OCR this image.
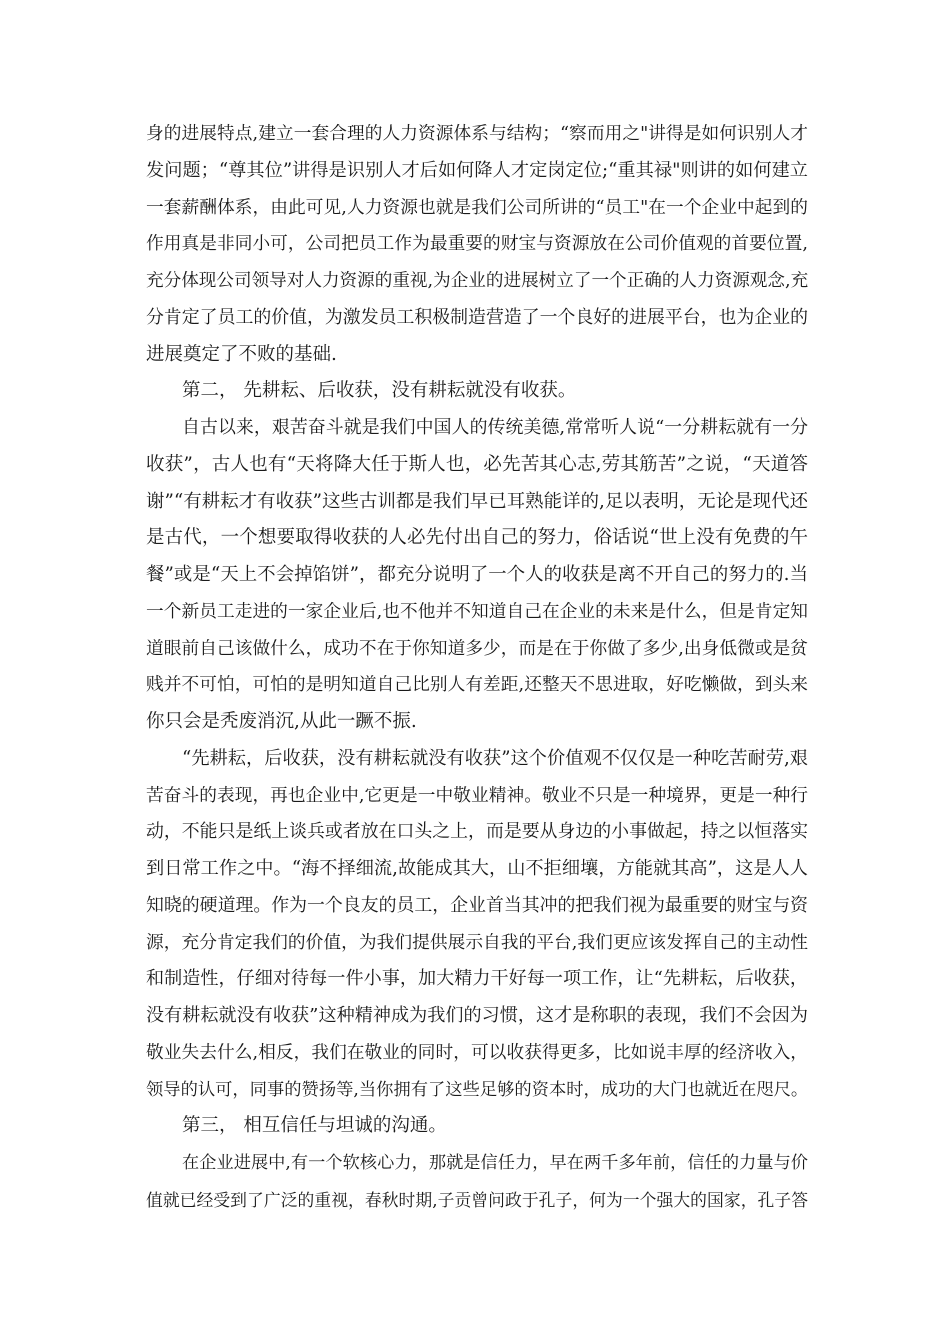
身的进展特点,建立一套合理的人力资源体系与结构；“察而用之"讲得是如何识别人才
发问题；“尊其位”讲得是识别人才后如何降人才定岗定位;“重其禄"则讲的如何建立
一套薪酬体系，由此可见,人力资源也就是我们公司所讲的“员工"在一个企业中起到的
作用真是非同小可，公司把员工作为最重要的财宝与资源放在公司价值观的首要位置,
充分体现公司领导对人力资源的重视,为企业的进展树立了一个正确的人力资源观念,充
分肯定了员工的价值，为激发员工积极制造营造了一个良好的进展平台，也为企业的
进展奠定了不败的基础.
第二， 先耕耘、后收获，没有耕耘就没有收获。
自古以来，艰苦奋斗就是我们中国人的传统美德,常常听人说“一分耕耘就有一分
收获”，古人也有“天将降大任于斯人也，必先苦其心志,劳其筋苦”之说，“天道答
谢”“有耕耘才有收获”这些古训都是我们早已耳熟能详的,足以表明，无论是现代还
是古代，一个想要取得收获的人必先付出自己的努力，俗话说“世上没有免费的午
餐”或是“天上不会掉馅饼”，都充分说明了一个人的收获是离不开自己的努力的.当
一个新员工走进的一家企业后,也不他并不知道自己在企业的未来是什么，但是肯定知
道眼前自己该做什么，成功不在于你知道多少，而是在于你做了多少,出身低微或是贫
贱并不可怕，可怕的是明知道自己比别人有差距,还整天不思进取，好吃懒做，到头来
你只会是秃废消沉,从此一蹶不振.
“先耕耘，后收获，没有耕耘就没有收获”这个价值观不仅仅是一种吃苦耐劳,艰
苦奋斗的表现，再也企业中,它更是一中敬业精神。敬业不只是一种境界，更是一种行
动，不能只是纸上谈兵或者放在口头之上，而是要从身边的小事做起，持之以恒落实
到日常工作之中。“海不择细流,故能成其大，山不拒细壤，方能就其高”，这是人人
知晓的硬道理。作为一个良友的员工，企业首当其冲的把我们视为最重要的财宝与资
源，充分肯定我们的价值，为我们提供展示自我的平台,我们更应该发挥自己的主动性
和制造性，仔细对待每一件小事，加大精力干好每一项工作，让“先耕耘，后收获，
没有耕耘就没有收获”这种精神成为我们的习惯，这才是称职的表现，我们不会因为
敬业失去什么,相反，我们在敬业的同时，可以收获得更多，比如说丰厚的经济收入，
领导的认可，同事的赞扬等,当你拥有了这些足够的资本时，成功的大门也就近在咫尺。
第三， 相互信任与坦诚的沟通。
在企业进展中,有一个软核心力，那就是信任力，早在两千多年前，信任的力量与价
值就已经受到了广泛的重视，春秋时期,子贡曾问政于孔子，何为一个强大的国家，孔子答
